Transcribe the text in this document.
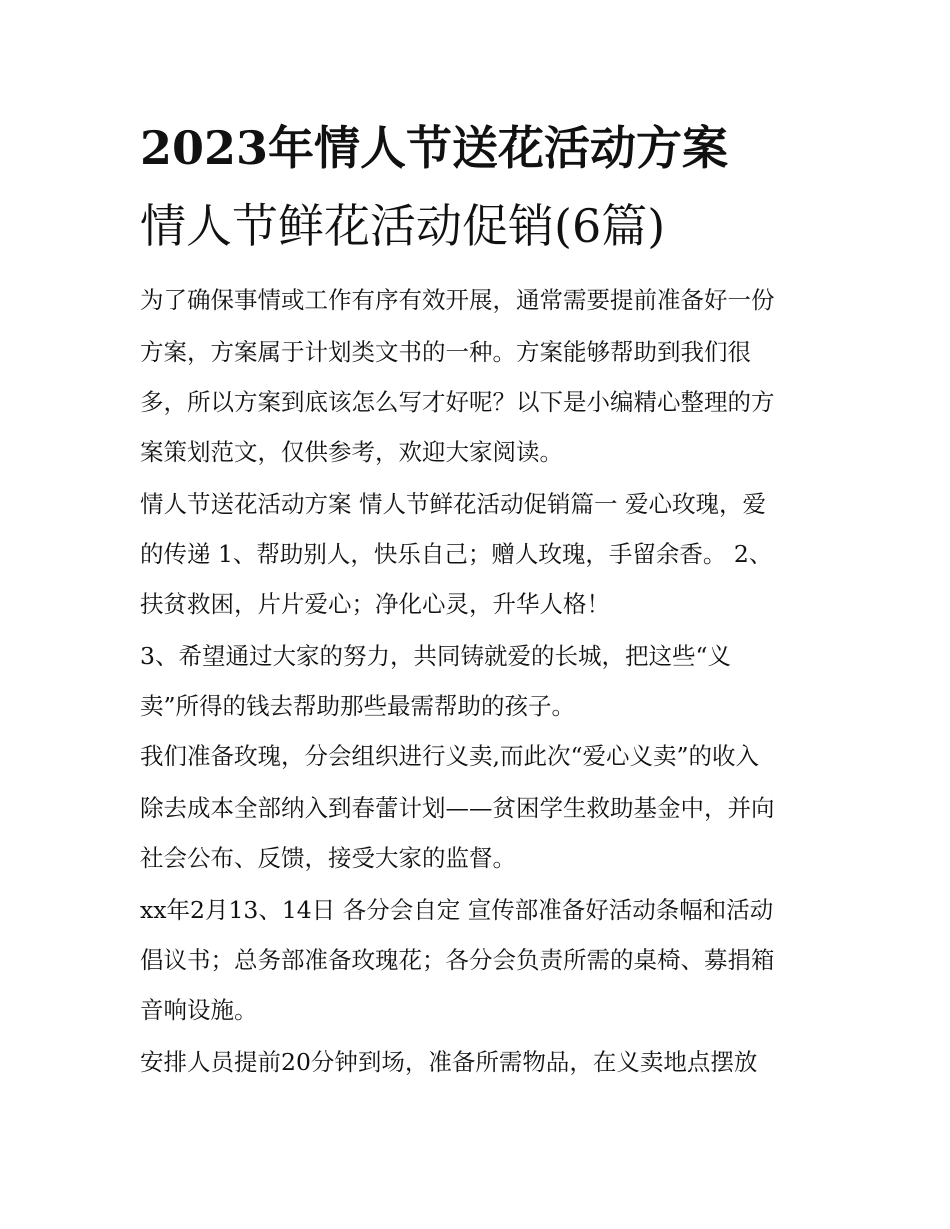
2023年情人节送花活动方案
情人节鲜花活动促销(6篇)

为了确保事情或工作有序有效开展，通常需要提前准备好一份

方案，方案属于计划类文书的一种。方案能够帮助到我们很

多，所以方案到底该怎么写才好呢？以下是小编精心整理的方

案策划范文，仅供参考，欢迎大家阅读。

情人节送花活动方案 情人节鲜花活动促销篇一 爱心玫瑰，爱

的传递 1、帮助别人，快乐自己；赠人玫瑰，手留余香。 2、

扶贫救困，片片爱心；净化心灵，升华人格！

3、希望通过大家的努力，共同铸就爱的长城，把这些“义

卖”所得的钱去帮助那些最需帮助的孩子。

我们准备玫瑰，分会组织进行义卖,而此次“爱心义卖”的收入

除去成本全部纳入到春蕾计划——贫困学生救助基金中，并向

社会公布、反馈，接受大家的监督。

xx年2月13、14日 各分会自定 宣传部准备好活动条幅和活动

倡议书；总务部准备玫瑰花；各分会负责所需的桌椅、募捐箱

音响设施。

安排人员提前20分钟到场，准备所需物品，在义卖地点摆放
